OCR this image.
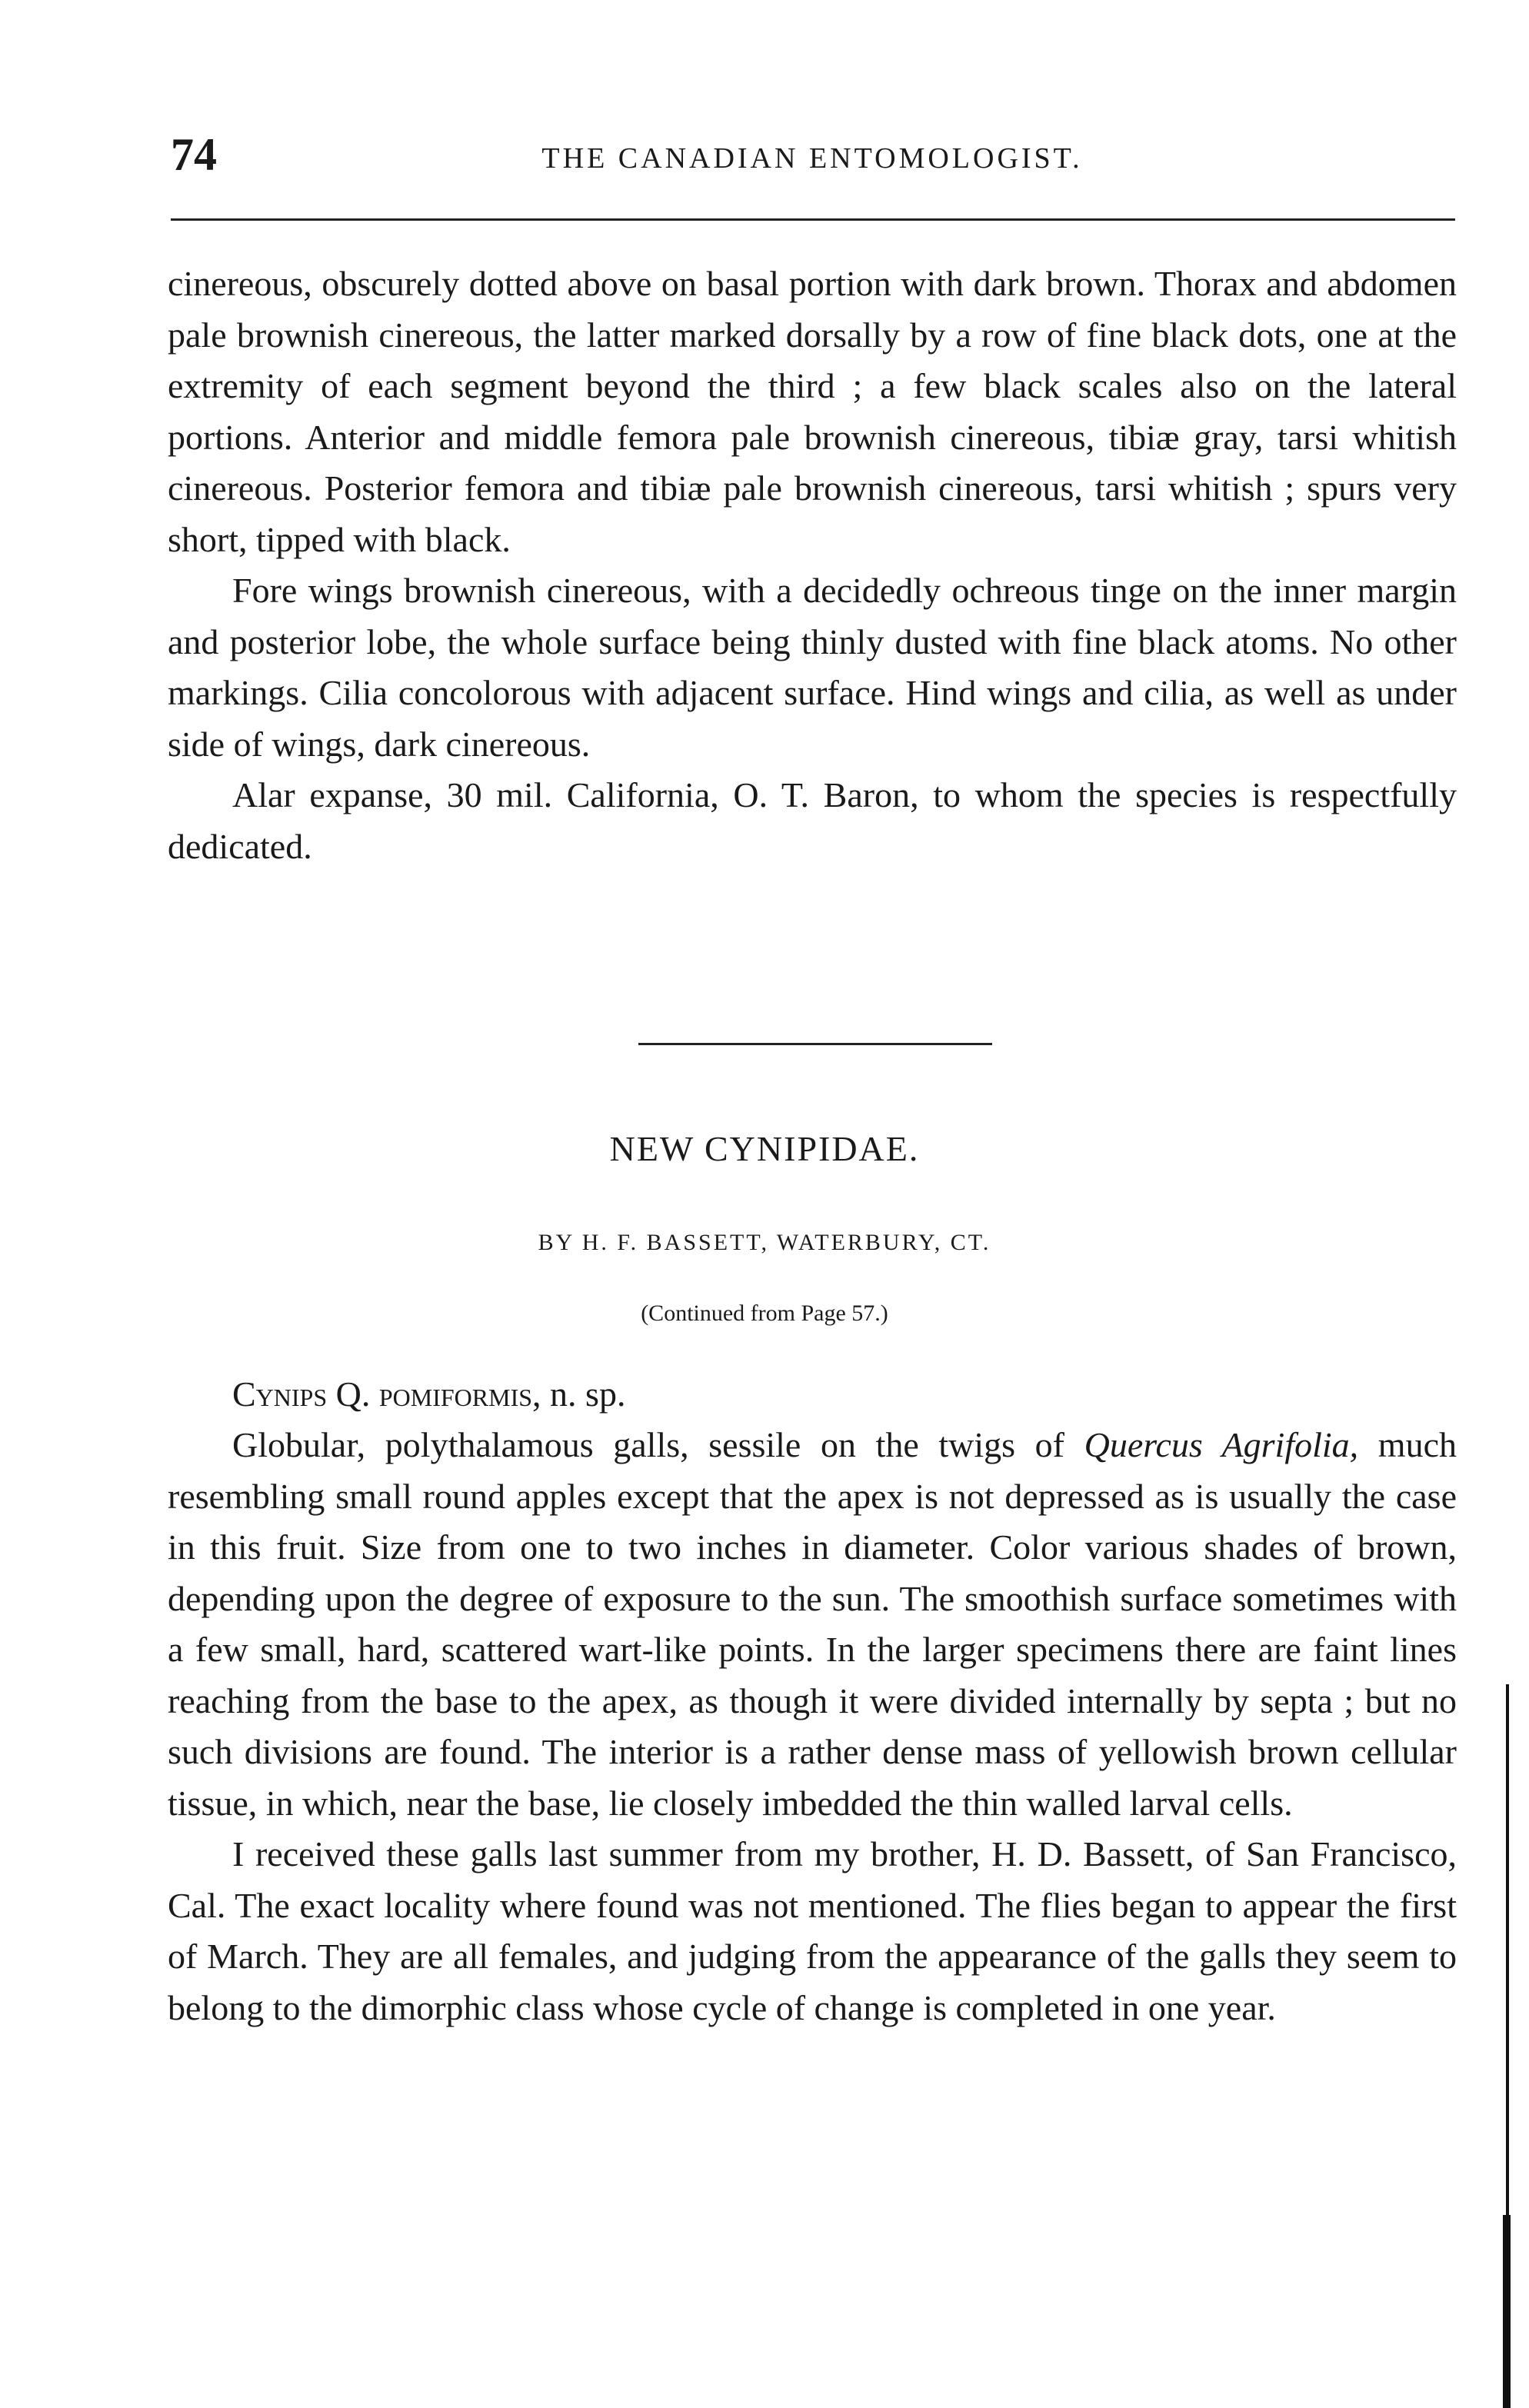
74	THE CANADIAN ENTOMOLOGIST.

cinereous, obscurely dotted above on basal portion with dark brown. Thorax and abdomen pale brownish cinereous, the latter marked dorsally by a row of fine black dots, one at the extremity of each segment beyond the third ; a few black scales also on the lateral portions. Anterior and middle femora pale brownish cinereous, tibiæ gray, tarsi whitish cinereous. Posterior femora and tibiæ pale brownish cinereous, tarsi whitish ; spurs very short, tipped with black.

Fore wings brownish cinereous, with a decidedly ochreous tinge on the inner margin and posterior lobe, the whole surface being thinly dusted with fine black atoms. No other markings. Cilia concolorous with adjacent surface. Hind wings and cilia, as well as under side of wings, dark cinereous.

Alar expanse, 30 mil. California, O. T. Baron, to whom the species is respectfully dedicated.

NEW CYNIPIDAE.
BY H. F. BASSETT, WATERBURY, CT.
(Continued from Page 57.)
Cynips Q. pomiformis, n. sp.

Globular, polythalamous galls, sessile on the twigs of Quercus Agrifolia, much resembling small round apples except that the apex is not depressed as is usually the case in this fruit. Size from one to two inches in diameter. Color various shades of brown, depending upon the degree of exposure to the sun. The smoothish surface sometimes with a few small, hard, scattered wart-like points. In the larger specimens there are faint lines reaching from the base to the apex, as though it were divided internally by septa ; but no such divisions are found. The interior is a rather dense mass of yellowish brown cellular tissue, in which, near the base, lie closely imbedded the thin walled larval cells.

I received these galls last summer from my brother, H. D. Bassett, of San Francisco, Cal. The exact locality where found was not mentioned. The flies began to appear the first of March. They are all females, and judging from the appearance of the galls they seem to belong to the dimorphic class whose cycle of change is completed in one year.
